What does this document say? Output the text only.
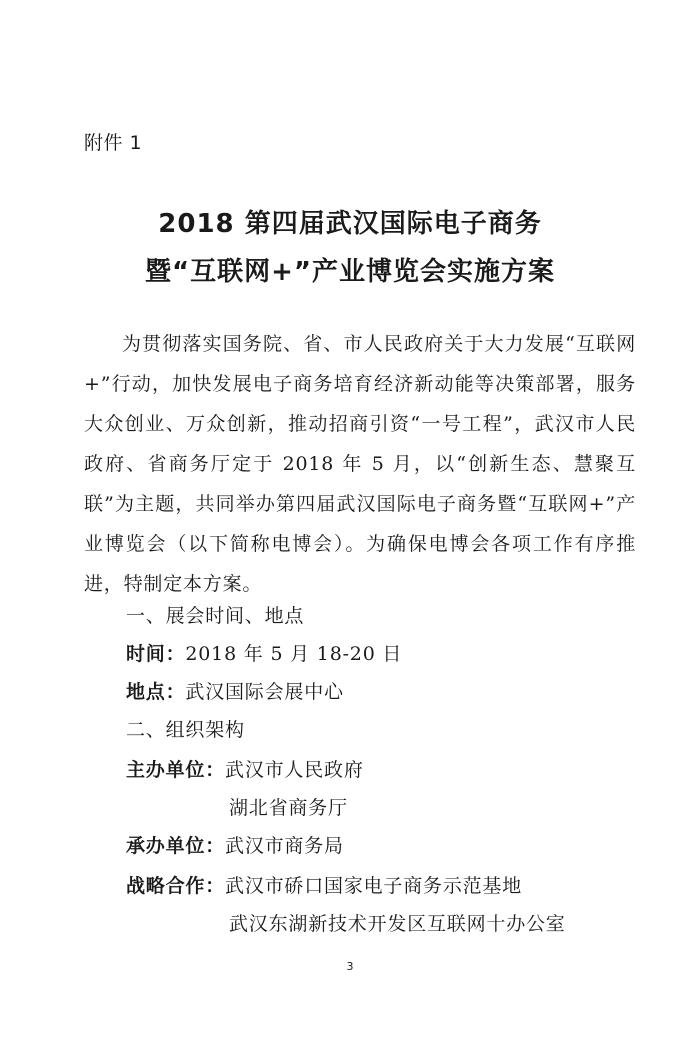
附件 1
2018 第四届武汉国际电子商务
暨“互联网+”产业博览会实施方案
为贯彻落实国务院、省、市人民政府关于大力发展“互联网+”行动，加快发展电子商务培育经济新动能等决策部署，服务大众创业、万众创新，推动招商引资“一号工程”，武汉市人民政府、省商务厅定于 2018 年 5 月，以“创新生态、慧聚互联”为主题，共同举办第四届武汉国际电子商务暨“互联网+”产业博览会（以下简称电博会）。为确保电博会各项工作有序推进，特制定本方案。
一、展会时间、地点
时间：2018 年 5 月 18-20 日
地点：武汉国际会展中心
二、组织架构
主办单位：武汉市人民政府
湖北省商务厅
承办单位：武汉市商务局
战略合作：武汉市硚口国家电子商务示范基地
武汉东湖新技术开发区互联网十办公室
3
